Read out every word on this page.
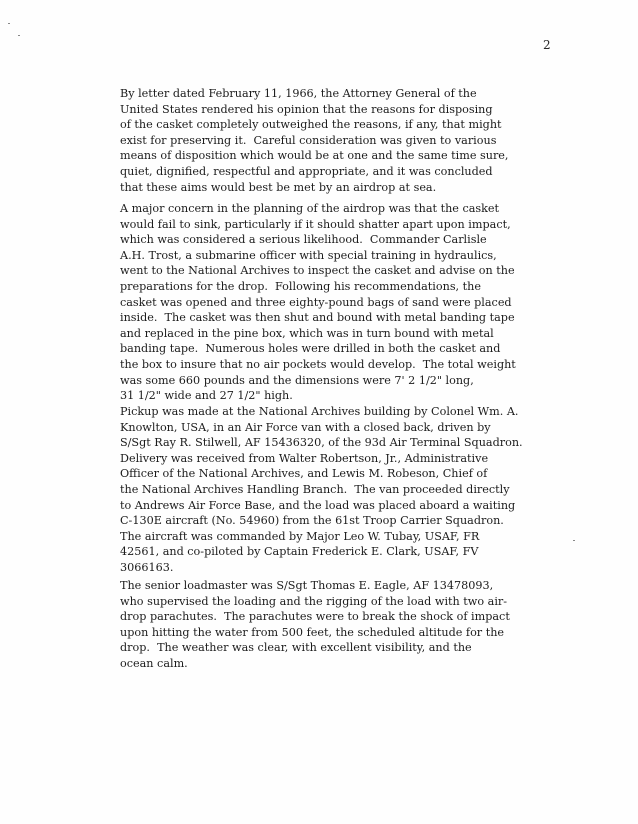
2

By letter dated February 11, 1966, the Attorney General of the
United States rendered his opinion that the reasons for disposing
of the casket completely outweighed the reasons, if any, that might
exist for preserving it.  Careful consideration was given to various
means of disposition which would be at one and the same time sure,
quiet, dignified, respectful and appropriate, and it was concluded
that these aims would best be met by an airdrop at sea.

A major concern in the planning of the airdrop was that the casket
would fail to sink, particularly if it should shatter apart upon impact,
which was considered a serious likelihood.  Commander Carlisle
A.H. Trost, a submarine officer with special training in hydraulics,
went to the National Archives to inspect the casket and advise on the
preparations for the drop.  Following his recommendations, the
casket was opened and three eighty-pound bags of sand were placed
inside.  The casket was then shut and bound with metal banding tape
and replaced in the pine box, which was in turn bound with metal
banding tape.  Numerous holes were drilled in both the casket and
the box to insure that no air pockets would develop.  The total weight
was some 660 pounds and the dimensions were 7' 2 1/2" long,
31 1/2" wide and 27 1/2" high.

Pickup was made at the National Archives building by Colonel Wm. A.
Knowlton, USA, in an Air Force van with a closed back, driven by
S/Sgt Ray R. Stilwell, AF 15436320, of the 93d Air Terminal Squadron.
Delivery was received from Walter Robertson, Jr., Administrative
Officer of the National Archives, and Lewis M. Robeson, Chief of
the National Archives Handling Branch.  The van proceeded directly
to Andrews Air Force Base, and the load was placed aboard a waiting
C-130E aircraft (No. 54960) from the 61st Troop Carrier Squadron.
The aircraft was commanded by Major Leo W. Tubay, USAF, FR
42561, and co-piloted by Captain Frederick E. Clark, USAF, FV
3066163.

The senior loadmaster was S/Sgt Thomas E. Eagle, AF 13478093,
who supervised the loading and the rigging of the load with two air-
drop parachutes.  The parachutes were to break the shock of impact
upon hitting the water from 500 feet, the scheduled altitude for the
drop.  The weather was clear, with excellent visibility, and the
ocean calm.
